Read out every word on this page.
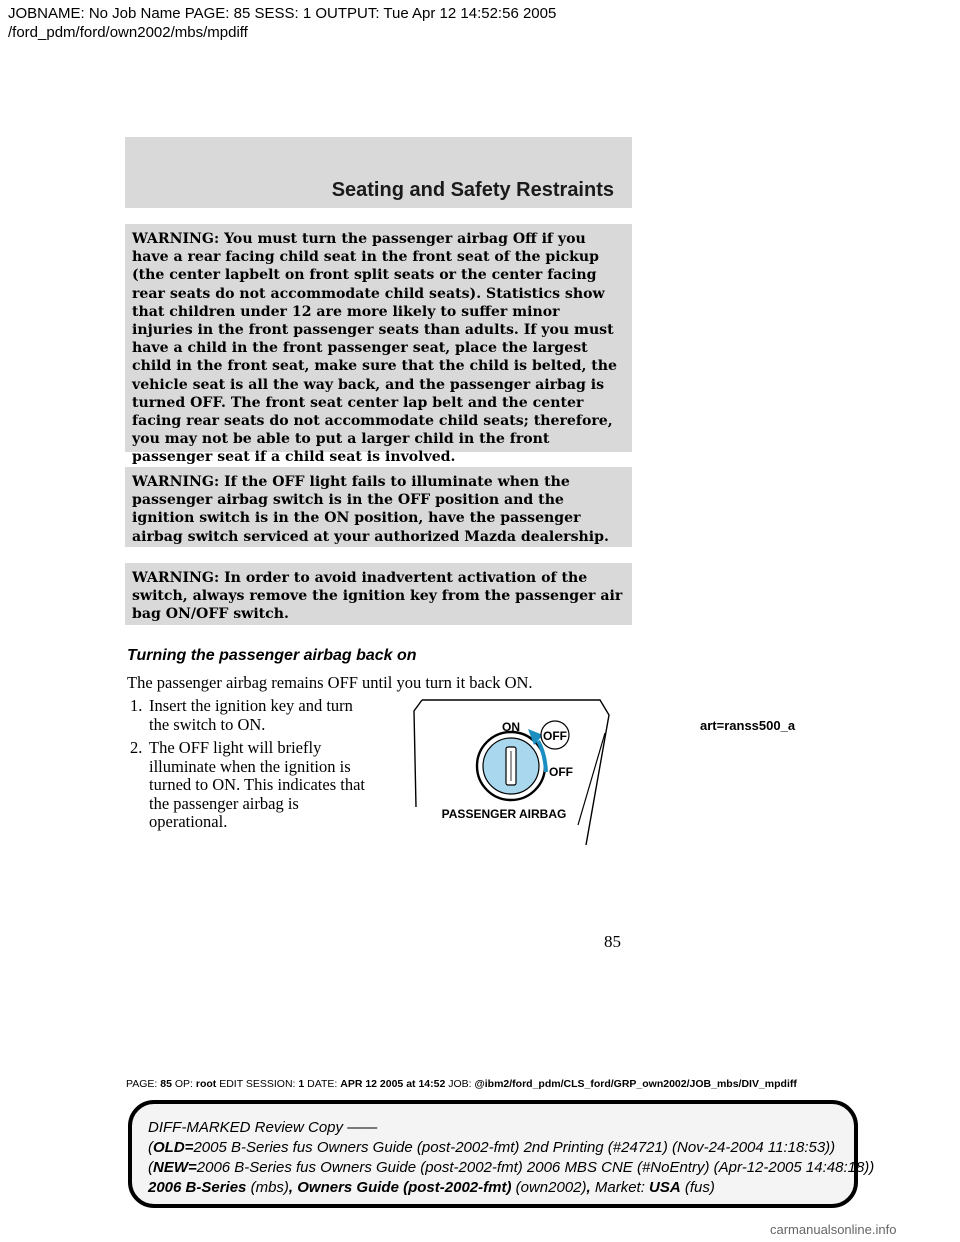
JOBNAME: No Job Name PAGE: 85 SESS: 1 OUTPUT: Tue Apr 12 14:52:56 2005
/ford_pdm/ford/own2002/mbs/mpdiff
Seating and Safety Restraints
WARNING: You must turn the passenger airbag Off if you have a rear facing child seat in the front seat of the pickup (the center lapbelt on front split seats or the center facing rear seats do not accommodate child seats). Statistics show that children under 12 are more likely to suffer minor injuries in the front passenger seats than adults. If you must have a child in the front passenger seat, place the largest child in the front seat, make sure that the child is belted, the vehicle seat is all the way back, and the passenger airbag is turned OFF. The front seat center lap belt and the center facing rear seats do not accommodate child seats; therefore, you may not be able to put a larger child in the front passenger seat if a child seat is involved.
WARNING: If the OFF light fails to illuminate when the passenger airbag switch is in the OFF position and the ignition switch is in the ON position, have the passenger airbag switch serviced at your authorized Mazda dealership.
WARNING: In order to avoid inadvertent activation of the switch, always remove the ignition key from the passenger air bag ON/OFF switch.
Turning the passenger airbag back on
The passenger airbag remains OFF until you turn it back ON.
1. Insert the ignition key and turn the switch to ON.
2. The OFF light will briefly illuminate when the ignition is turned to ON. This indicates that the passenger airbag is operational.
OFF
ON
OFF
PASSENGER AIRBAG
art=ranss500_a
85
PAGE: 85 OP: root EDIT SESSION: 1 DATE: APR 12 2005 at 14:52 JOB: @ibm2/ford_pdm/CLS_ford/GRP_own2002/JOB_mbs/DIV_mpdiff
DIFF-MARKED Review Copy ——
(OLD=2005 B-Series fus Owners Guide (post-2002-fmt) 2nd Printing (#24721) (Nov-24-2004 11:18:53))
(NEW=2006 B-Series fus Owners Guide (post-2002-fmt) 2006 MBS CNE (#NoEntry) (Apr-12-2005 14:48:18))
2006 B-Series (mbs), Owners Guide (post-2002-fmt) (own2002), Market: USA (fus)
carmanualsonline.info
